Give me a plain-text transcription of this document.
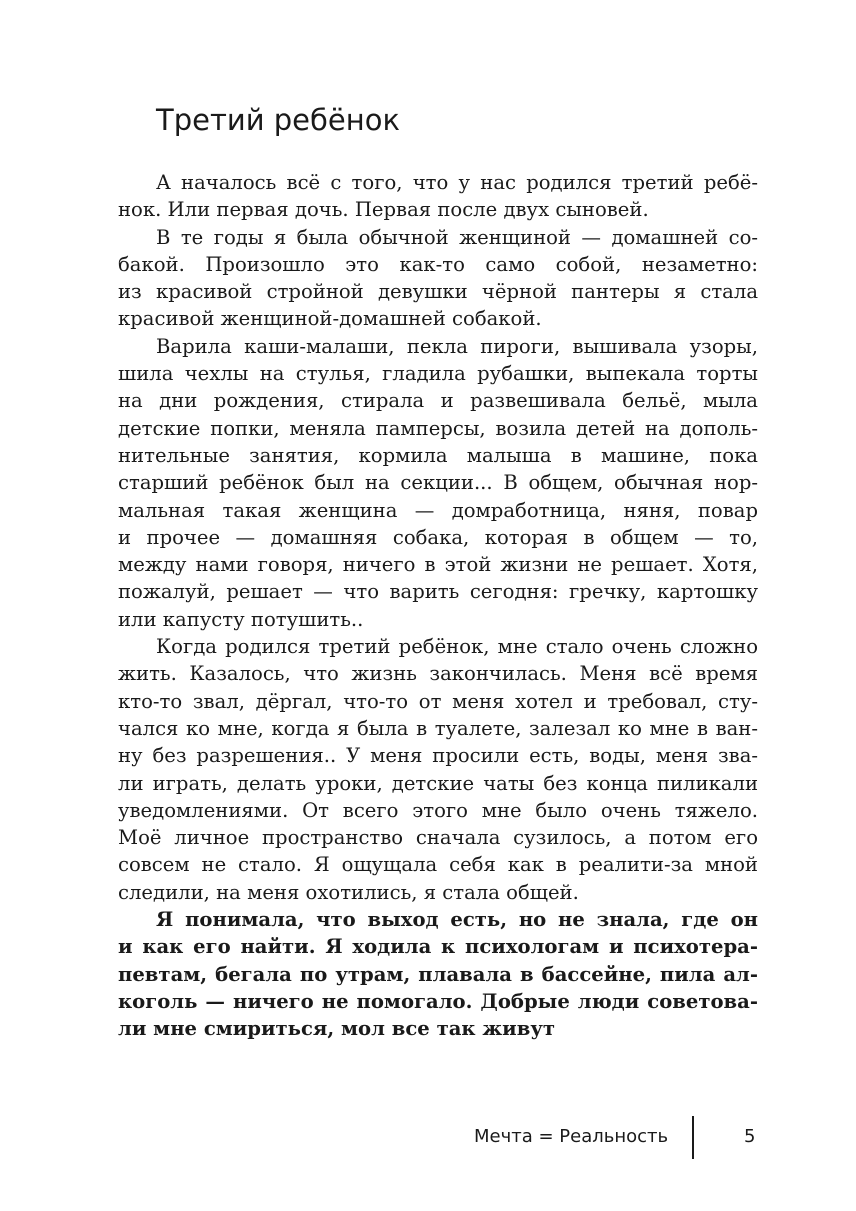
Третий ребёнок
А началось всё с того, что у нас родился третий ребё-
нок. Или первая дочь. Первая после двух сыновей.
В те годы я была обычной женщиной — домашней со-
бакой. Произошло это как-то само собой, незаметно:
из красивой стройной девушки чёрной пантеры я стала
красивой женщиной-домашней собакой.
Варила каши-малаши, пекла пироги, вышивала узоры,
шила чехлы на стулья, гладила рубашки, выпекала торты
на дни рождения, стирала и развешивала бельё, мыла
детские попки, меняла памперсы, возила детей на дополь-
нительные занятия, кормила малыша в машине, пока
старший ребёнок был на секции... В общем, обычная нор-
мальная такая женщина — домработница, няня, повар
и прочее — домашняя собака, которая в общем — то,
между нами говоря, ничего в этой жизни не решает. Хотя,
пожалуй, решает — что варить сегодня: гречку, картошку
или капусту потушить..
Когда родился третий ребёнок, мне стало очень сложно
жить. Казалось, что жизнь закончилась. Меня всё время
кто-то звал, дёргал, что-то от меня хотел и требовал, сту-
чался ко мне, когда я была в туалете, залезал ко мне в ван-
ну без разрешения.. У меня просили есть, воды, меня зва-
ли играть, делать уроки, детские чаты без конца пиликали
уведомлениями. От всего этого мне было очень тяжело.
Моё личное пространство сначала сузилось, а потом его
совсем не стало. Я ощущала себя как в реалити-за мной
следили, на меня охотились, я стала общей.
Я понимала, что выход есть, но не знала, где он
и как его найти. Я ходила к психологам и психотера-
певтам, бегала по утрам, плавала в бассейне, пила ал-
коголь — ничего не помогало. Добрые люди советова-
ли мне смириться, мол все так живут
Мечта = Реальность	5
